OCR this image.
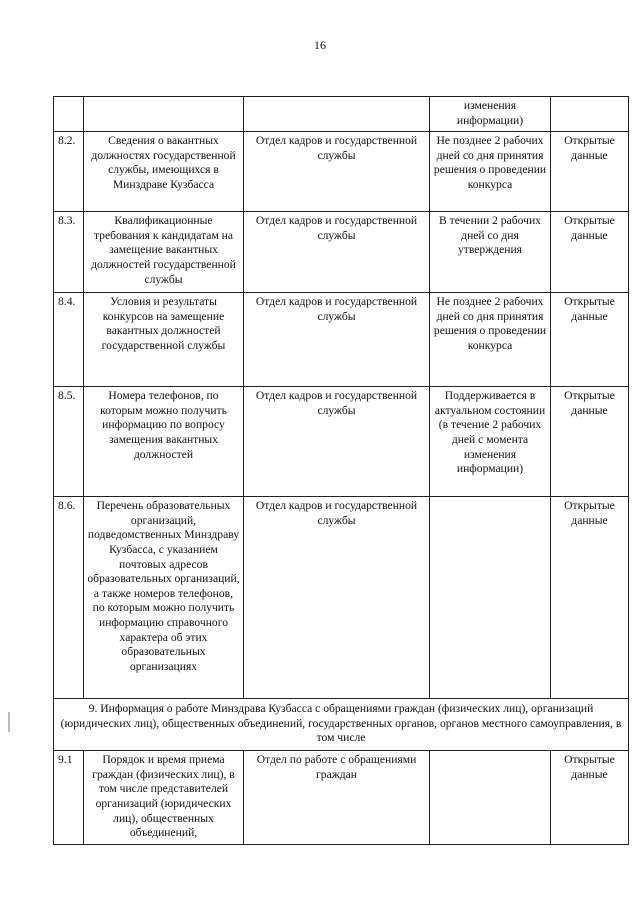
16
			изменения информации)	
8.2.	Сведения о вакантных должностях государственной службы, имеющихся в Минздраве Кузбасса	Отдел кадров и государственной службы	Не позднее 2 рабочих дней со дня принятия решения о проведении конкурса	Открытые данные
8.3.	Квалификационные требования к кандидатам на замещение вакантных должностей государственной службы	Отдел кадров и государственной службы	В течении 2 рабочих дней со дня утверждения	Открытые данные
8.4.	Условия и результаты конкурсов на замещение вакантных должностей государственной службы	Отдел кадров и государственной службы	Не позднее 2 рабочих дней со дня принятия решения о проведении конкурса	Открытые данные
8.5.	Номера телефонов, по которым можно получить информацию по вопросу замещения вакантных должностей	Отдел кадров и государственной службы	Поддерживается в актуальном состоянии (в течение 2 рабочих дней с момента изменения информации)	Открытые данные
8.6.	Перечень образовательных организаций, подведомственных Минздраву Кузбасса, с указанием почтовых адресов образовательных организаций, а также номеров телефонов, по которым можно получить информацию справочного характера об этих образовательных организациях	Отдел кадров и государственной службы		Открытые данные
9. Информация о работе Минздрава Кузбасса с обращениями граждан (физических лиц), организаций (юридических лиц), общественных объединений, государственных органов, органов местного самоуправления, в том числе				
9.1	Порядок и время приема граждан (физических лиц), в том числе представителей организаций (юридических лиц), общественных объединений,	Отдел по работе с обращениями граждан		Открытые данные
